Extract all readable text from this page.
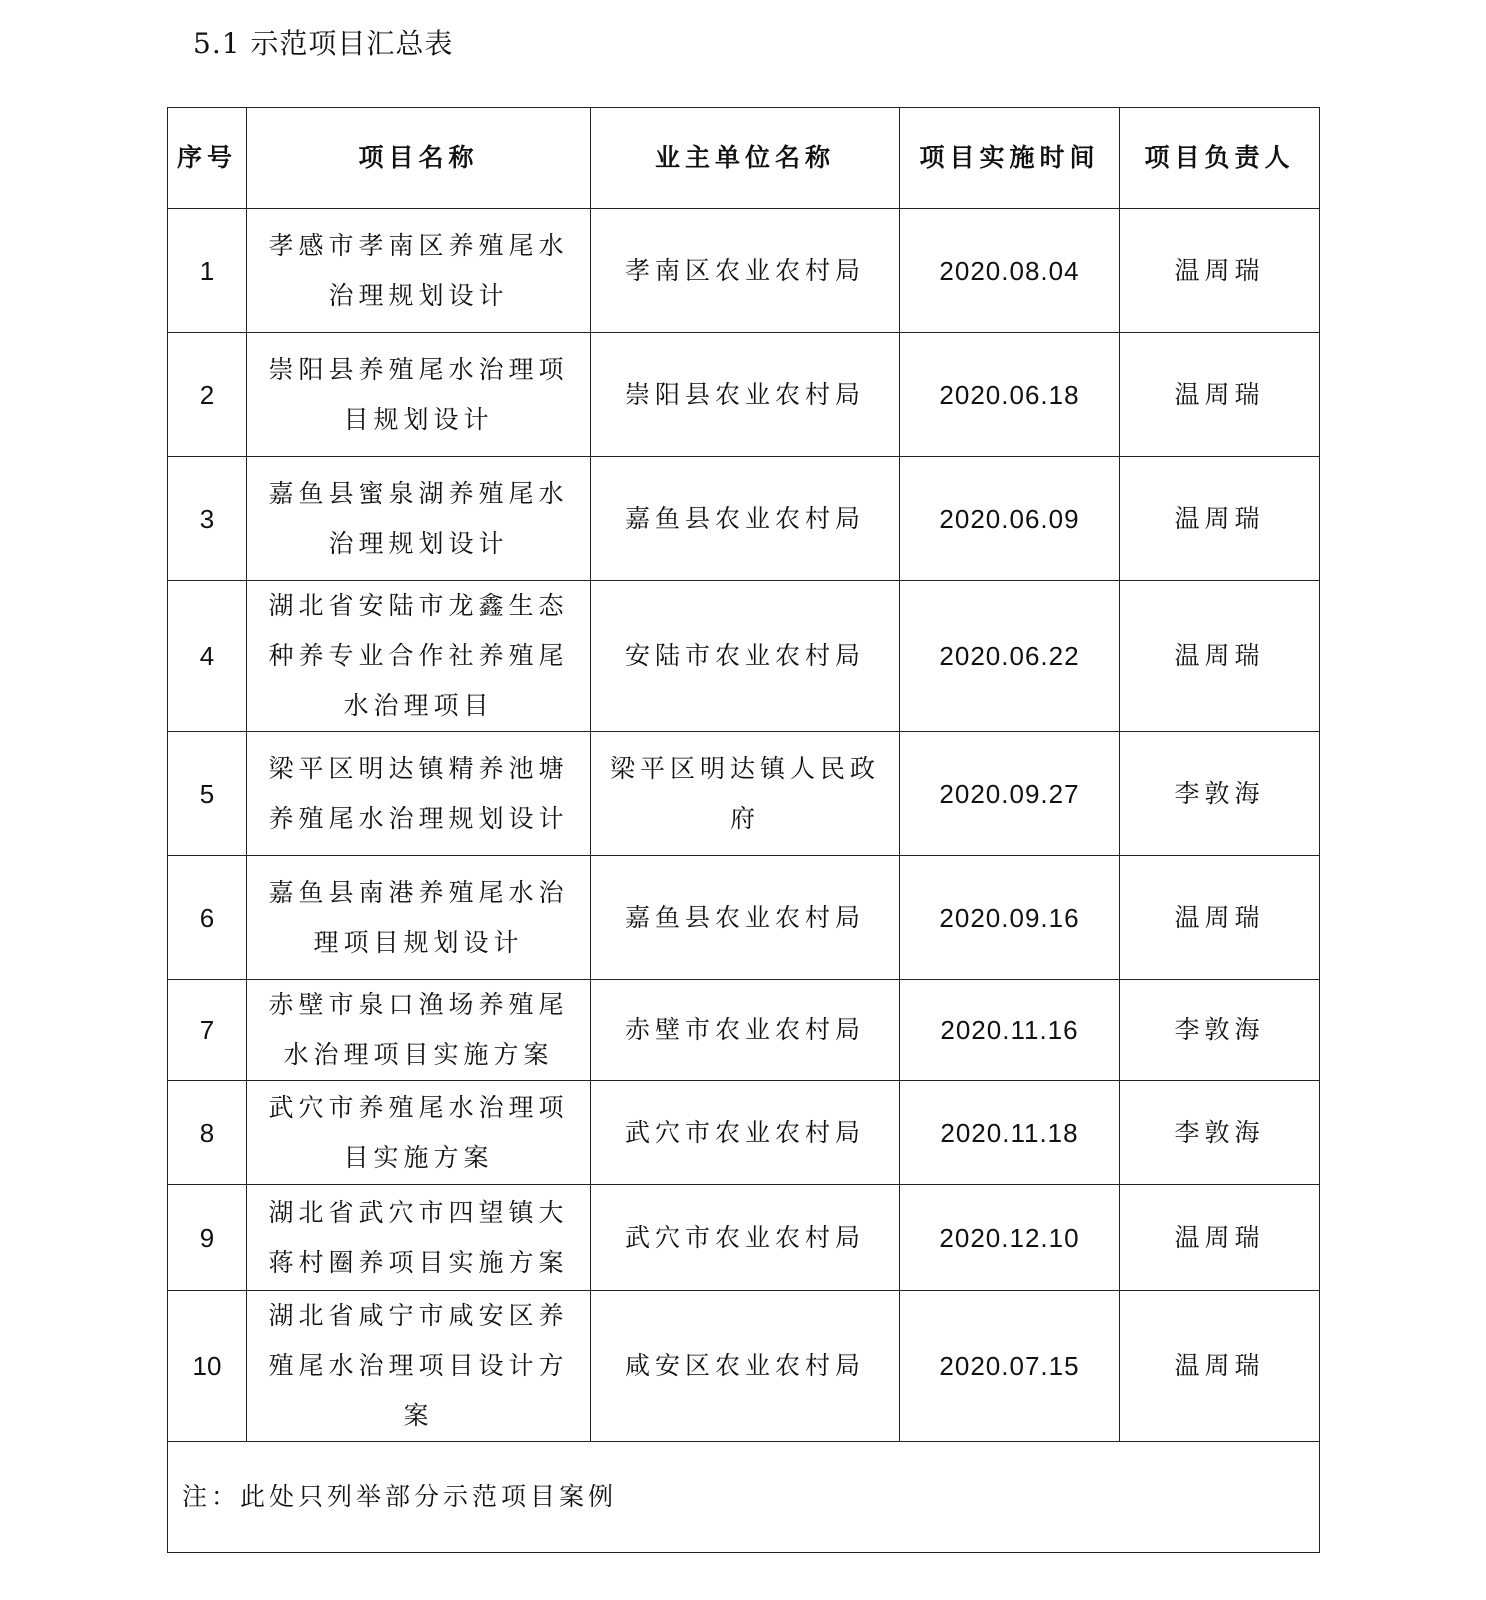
5.1 示范项目汇总表
序号	项目名称	业主单位名称	项目实施时间	项目负责人
1	孝感市孝南区养殖尾水治理规划设计	孝南区农业农村局	2020.08.04	温周瑞
2	崇阳县养殖尾水治理项目规划设计	崇阳县农业农村局	2020.06.18	温周瑞
3	嘉鱼县蜜泉湖养殖尾水治理规划设计	嘉鱼县农业农村局	2020.06.09	温周瑞
4	湖北省安陆市龙鑫生态种养专业合作社养殖尾水治理项目	安陆市农业农村局	2020.06.22	温周瑞
5	梁平区明达镇精养池塘养殖尾水治理规划设计	梁平区明达镇人民政府	2020.09.27	李敦海
6	嘉鱼县南港养殖尾水治理项目规划设计	嘉鱼县农业农村局	2020.09.16	温周瑞
7	赤壁市泉口渔场养殖尾水治理项目实施方案	赤壁市农业农村局	2020.11.16	李敦海
8	武穴市养殖尾水治理项目实施方案	武穴市农业农村局	2020.11.18	李敦海
9	湖北省武穴市四望镇大蒋村圈养项目实施方案	武穴市农业农村局	2020.12.10	温周瑞
10	湖北省咸宁市咸安区养殖尾水治理项目设计方案	咸安区农业农村局	2020.07.15	温周瑞
注：此处只列举部分示范项目案例				
